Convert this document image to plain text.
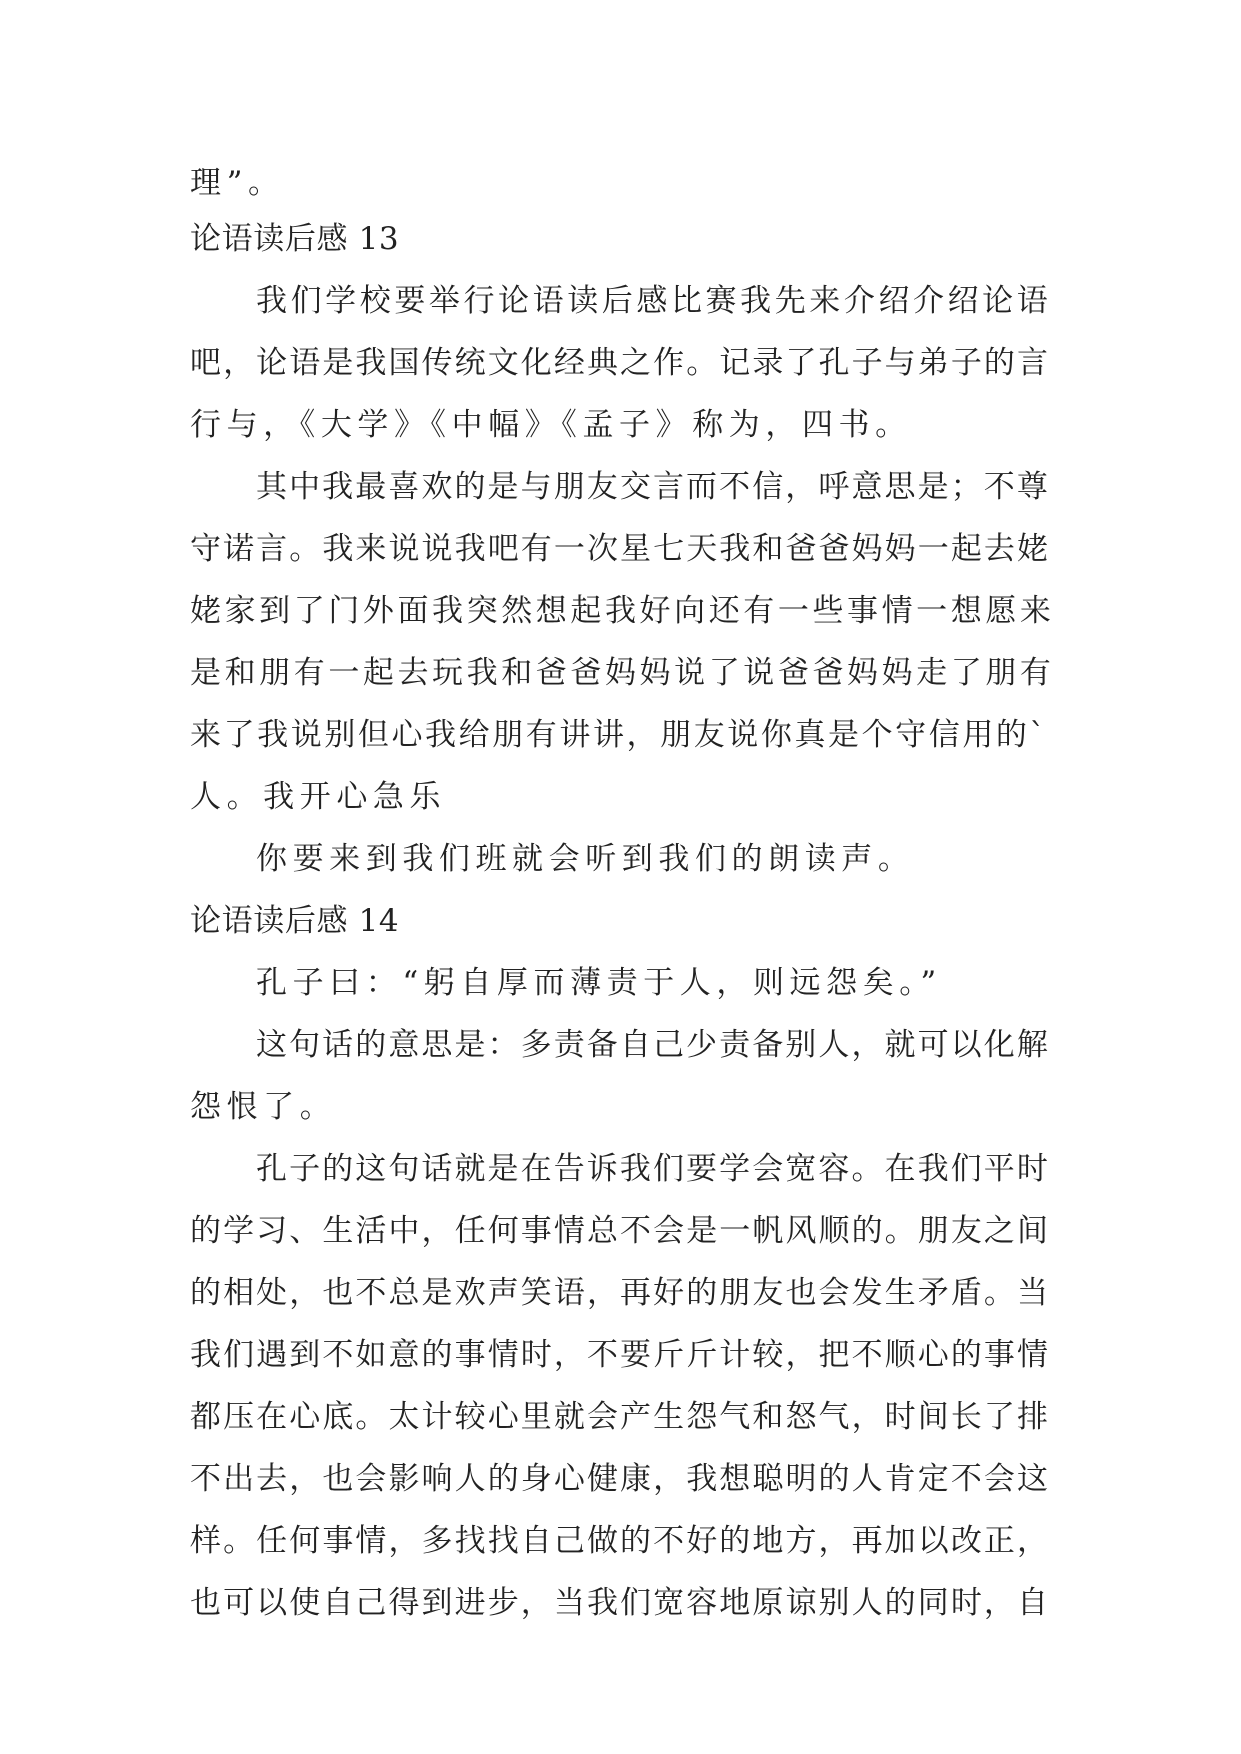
理”。
论语读后感 13
我们学校要举行论语读后感比赛我先来介绍介绍论语
吧，论语是我国传统文化经典之作。记录了孔子与弟子的言
行与，《大学》《中幅》《孟子》称为，四书。
其中我最喜欢的是与朋友交言而不信，呼意思是；不尊
守诺言。我来说说我吧有一次星七天我和爸爸妈妈一起去姥
姥家到了门外面我突然想起我好向还有一些事情一想愿来
是和朋有一起去玩我和爸爸妈妈说了说爸爸妈妈走了朋有
来了我说别但心我给朋有讲讲，朋友说你真是个守信用的`
人。我开心急乐
你要来到我们班就会听到我们的朗读声。
论语读后感 14
孔子曰：“躬自厚而薄责于人，则远怨矣。”
这句话的意思是：多责备自己少责备别人，就可以化解
怨恨了。
孔子的这句话就是在告诉我们要学会宽容。在我们平时
的学习、生活中，任何事情总不会是一帆风顺的。朋友之间
的相处，也不总是欢声笑语，再好的朋友也会发生矛盾。当
我们遇到不如意的事情时，不要斤斤计较，把不顺心的事情
都压在心底。太计较心里就会产生怨气和怒气，时间长了排
不出去，也会影响人的身心健康，我想聪明的人肯定不会这
样。任何事情，多找找自己做的不好的地方，再加以改正，
也可以使自己得到进步，当我们宽容地原谅别人的同时，自
